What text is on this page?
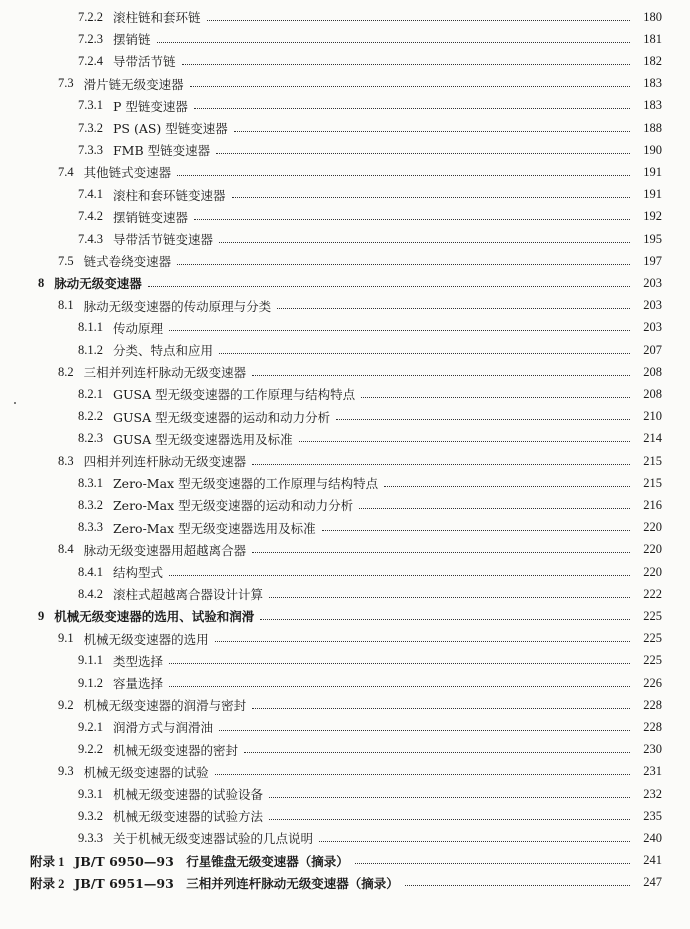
7.2.2 滚柱链和套环链	180
7.2.3 摆销链	181
7.2.4 导带活节链	182
7.3 滑片链无级变速器	183
7.3.1 P 型链变速器	183
7.3.2 PS (AS) 型链变速器	188
7.3.3 FMB 型链变速器	190
7.4 其他链式变速器	191
7.4.1 滚柱和套环链变速器	191
7.4.2 摆销链变速器	192
7.4.3 导带活节链变速器	195
7.5 链式卷绕变速器	197
8 脉动无级变速器	203
8.1 脉动无级变速器的传动原理与分类	203
8.1.1 传动原理	203
8.1.2 分类、特点和应用	207
8.2 三相并列连杆脉动无级变速器	208
8.2.1 GUSA 型无级变速器的工作原理与结构特点	208
8.2.2 GUSA 型无级变速器的运动和动力分析	210
8.2.3 GUSA 型无级变速器选用及标准	214
8.3 四相并列连杆脉动无级变速器	215
8.3.1 Zero-Max 型无级变速器的工作原理与结构特点	215
8.3.2 Zero-Max 型无级变速器的运动和动力分析	216
8.3.3 Zero-Max 型无级变速器选用及标准	220
8.4 脉动无级变速器用超越离合器	220
8.4.1 结构型式	220
8.4.2 滚柱式超越离合器设计计算	222
9 机械无级变速器的选用、试验和润滑	225
9.1 机械无级变速器的选用	225
9.1.1 类型选择	225
9.1.2 容量选择	226
9.2 机械无级变速器的润滑与密封	228
9.2.1 润滑方式与润滑油	228
9.2.2 机械无级变速器的密封	230
9.3 机械无级变速器的试验	231
9.3.1 机械无级变速器的试验设备	232
9.3.2 机械无级变速器的试验方法	235
9.3.3 关于机械无级变速器试验的几点说明	240
附录 1 JB/T 6950—93　行星锥盘无级变速器（摘录）	241
附录 2 JB/T 6951—93　三相并列连杆脉动无级变速器（摘录）	247
